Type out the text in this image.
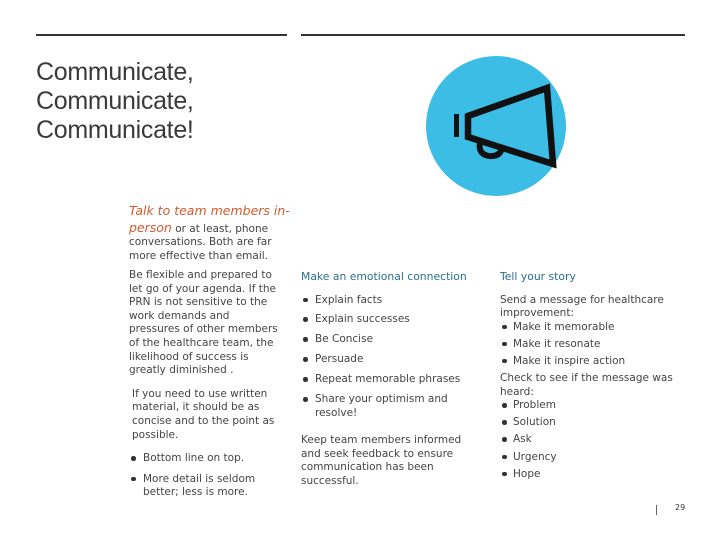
Communicate,
Communicate,
Communicate!
Talk to team members in-person or at least, phone conversations. Both are far more effective than email.

Be flexible and prepared to let go of your agenda. If the PRN is not sensitive to the work demands and pressures of other members of the healthcare team, the likelihood of success is greatly diminished .

If you need to use written material, it should be as concise and to the point as possible.

Bottom line on top.
More detail is seldom better; less is more.
Make an emotional connection
Explain facts
Explain successes
Be Concise
Persuade
Repeat memorable phrases
Share your optimism and resolve!
Keep team members informed and seek feedback to ensure communication has been successful.
Tell your story

Send a message for healthcare improvement:

Make it memorable
Make it resonate
Make it inspire action

Check to see if the message was heard:

Problem
Solution
Ask
Urgency
Hope
29
